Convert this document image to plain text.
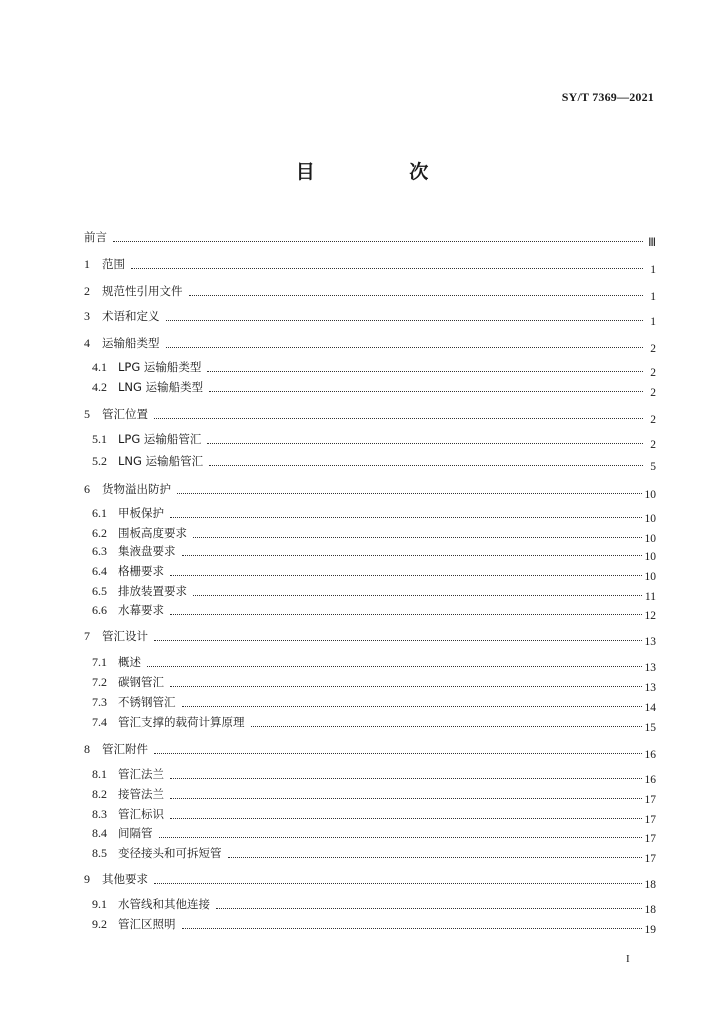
SY/T 7369—2021
目 次
前言	Ⅲ
1	范围	1
2	规范性引用文件	1
3	术语和定义	1
4	运输船类型	2
4.1 LPG 运输船类型	2
4.2 LNG 运输船类型	2
5	管汇位置	2
5.1 LPG 运输船管汇	2
5.2 LNG 运输船管汇	5
6	货物溢出防护	10
6.1 甲板保护	10
6.2 围板高度要求	10
6.3 集液盘要求	10
6.4 格栅要求	10
6.5 排放装置要求	11
6.6 水幕要求	12
7	管汇设计	13
7.1 概述	13
7.2 碳钢管汇	13
7.3 不锈钢管汇	14
7.4 管汇支撑的载荷计算原理	15
8	管汇附件	16
8.1 管汇法兰	16
8.2 接管法兰	17
8.3 管汇标识	17
8.4 间隔管	17
8.5 变径接头和可拆短管	17
9	其他要求	18
9.1 水管线和其他连接	18
9.2 管汇区照明	19
I
